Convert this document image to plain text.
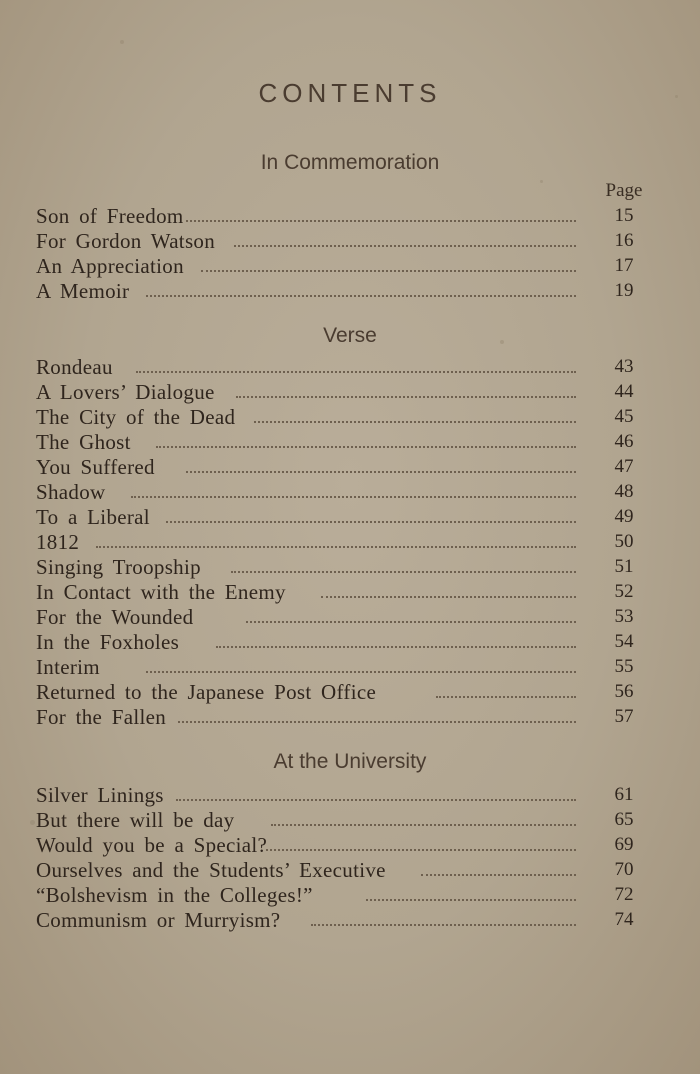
CONTENTS
In Commemoration
Page
Son of Freedom	15
For Gordon Watson	16
An Appreciation	17
A Memoir	19
Verse
Rondeau	43
A Lovers’ Dialogue	44
The City of the Dead	45
The Ghost	46
You Suffered	47
Shadow	48
To a Liberal	49
1812	50
Singing Troopship	51
In Contact with the Enemy	52
For the Wounded	53
In the Foxholes	54
Interim	55
Returned to the Japanese Post Office	56
For the Fallen	57
At the University
Silver Linings	61
But there will be day	65
Would you be a Special?	69
Ourselves and the Students’ Executive	70
“Bolshevism in the Colleges!”	72
Communism or Murryism?	74
